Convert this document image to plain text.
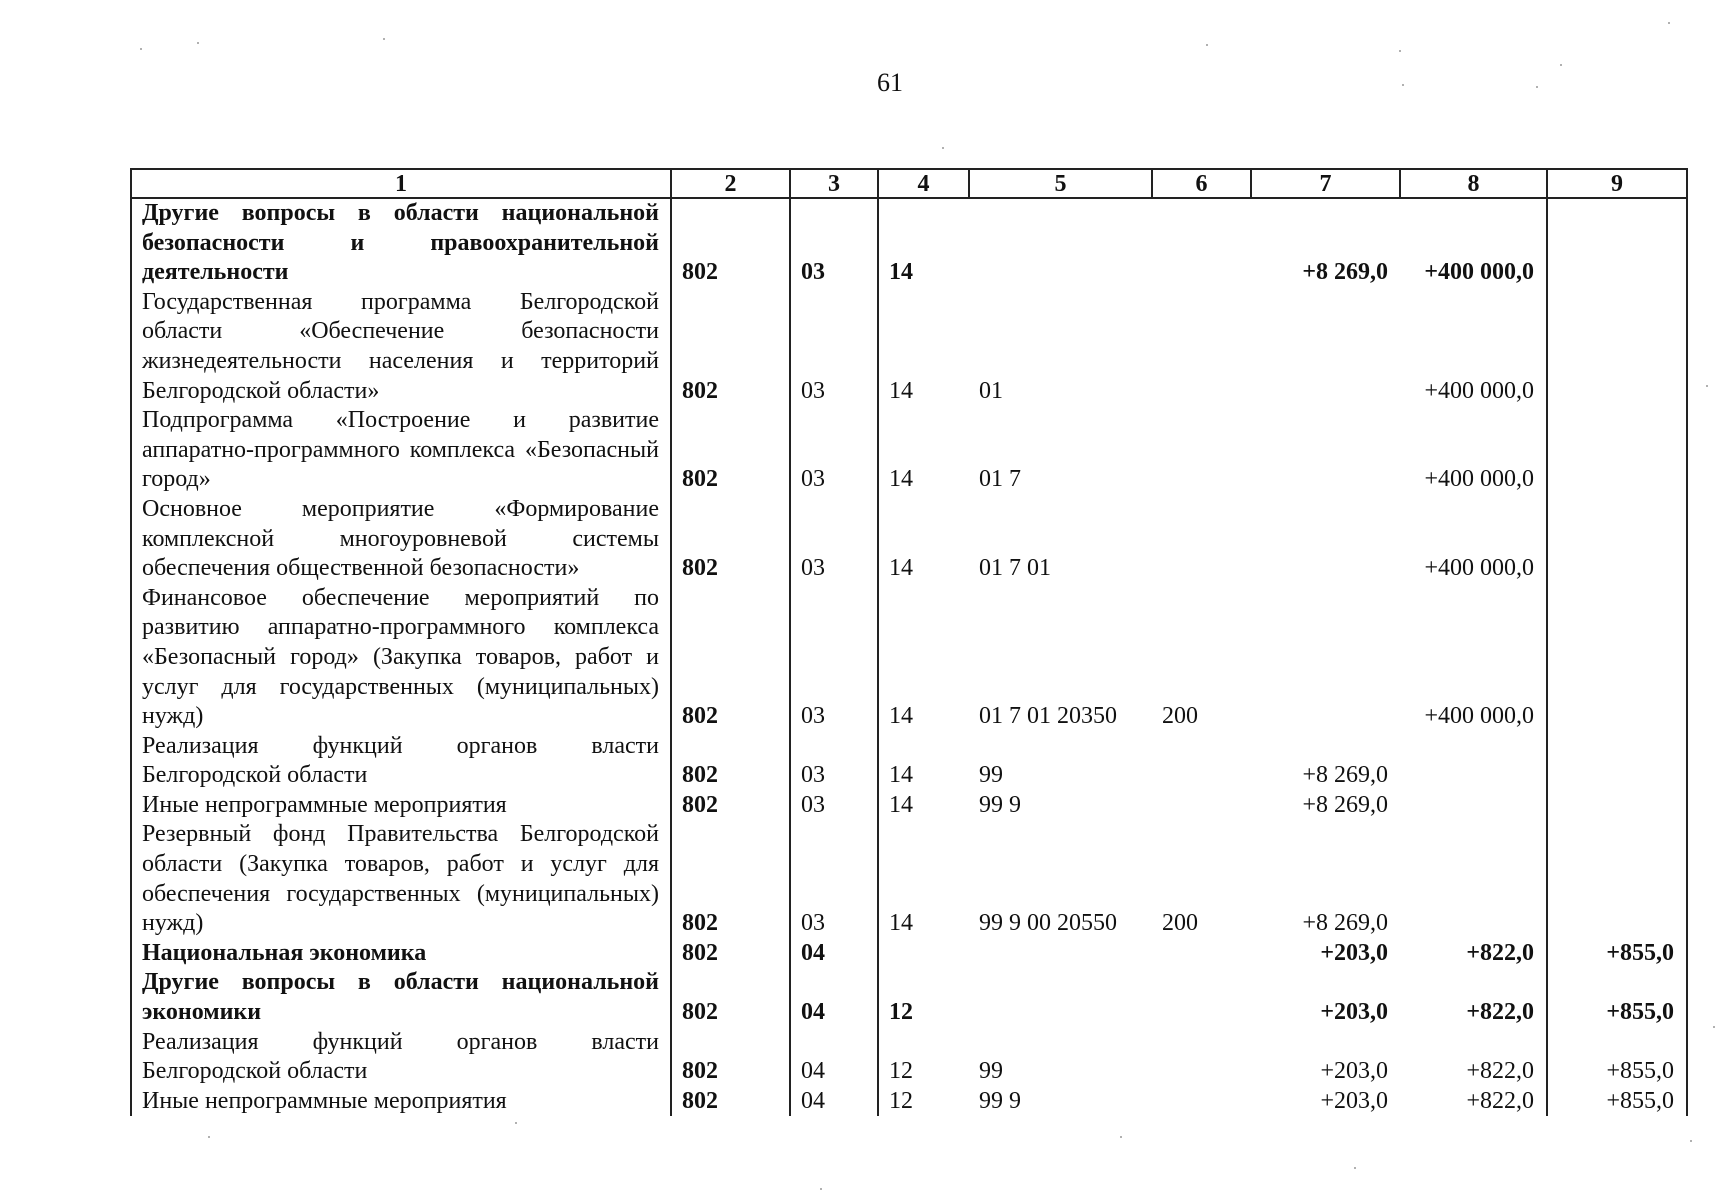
61
1	2	3	4	5	6	7	8	9
Другие вопросы в области национальной безопасности и правоохранительной деятельности	802	03	14			+8 269,0	+400 000,0	
Государственная программа Белгородской области «Обеспечение безопасности жизнедеятельности населения и территорий Белгородской области»	802	03	14	01			+400 000,0	
Подпрограмма «Построение и развитие аппаратно-программного комплекса «Безопасный город»	802	03	14	01 7			+400 000,0	
Основное мероприятие «Формирование комплексной многоуровневой системы обеспечения общественной безопасности»	802	03	14	01 7 01			+400 000,0	
Финансовое обеспечение мероприятий по развитию аппаратно-программного комплекса «Безопасный город» (Закупка товаров, работ и услуг для государственных (муниципальных) нужд)	802	03	14	01 7 01 20350	200		+400 000,0	
Реализация функций органов власти Белгородской области	802	03	14	99		+8 269,0		
Иные непрограммные мероприятия	802	03	14	99 9		+8 269,0		
Резервный фонд Правительства Белгородской области (Закупка товаров, работ и услуг для обеспечения государственных (муниципальных) нужд)	802	03	14	99 9 00 20550	200	+8 269,0		
Национальная экономика	802	04				+203,0	+822,0	+855,0
Другие вопросы в области национальной экономики	802	04	12			+203,0	+822,0	+855,0
Реализация функций органов власти Белгородской области	802	04	12	99		+203,0	+822,0	+855,0
Иные непрограммные мероприятия	802	04	12	99 9		+203,0	+822,0	+855,0
